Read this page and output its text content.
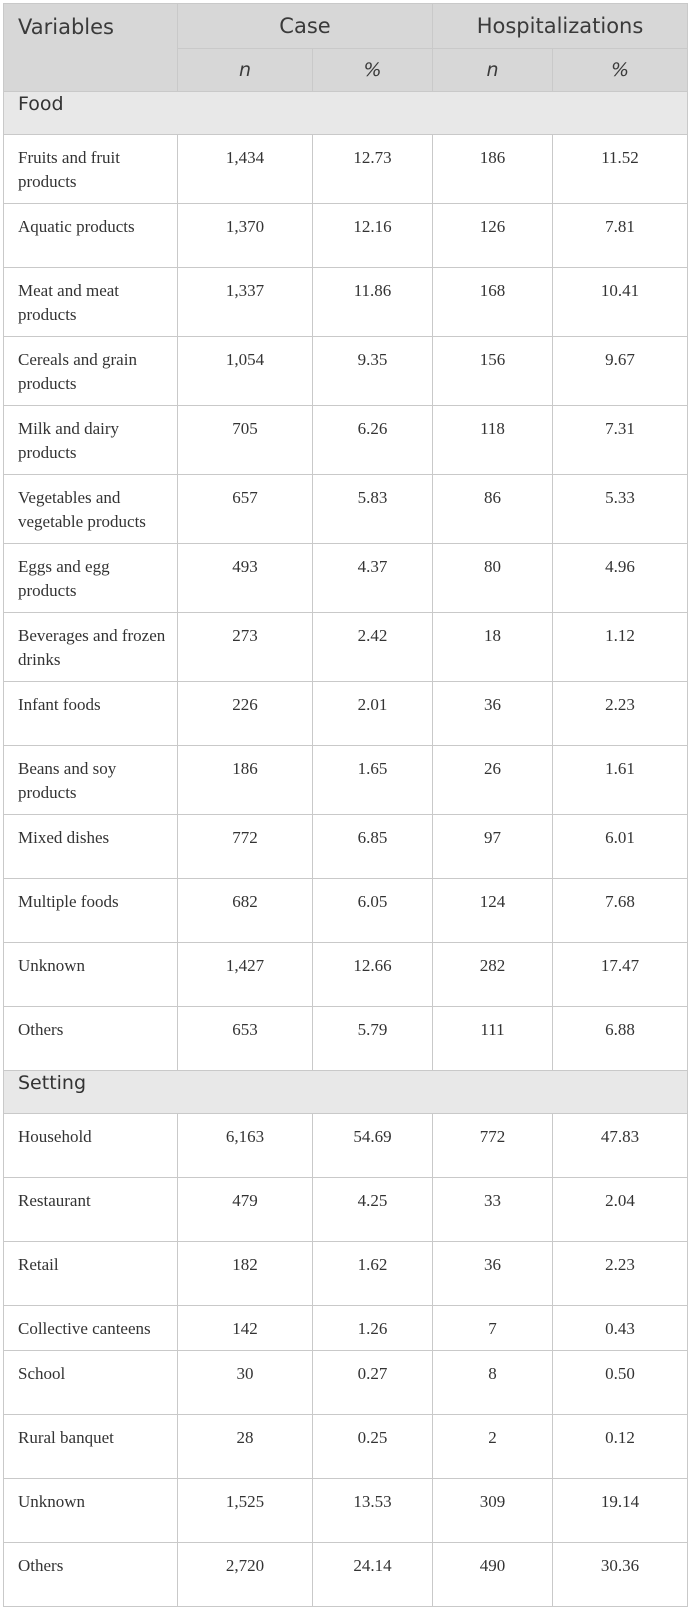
Variables	Case		Hospitalizations	
	n	%	n	%
Food				
Fruits and fruit products	1,434	12.73	186	11.52
Aquatic products	1,370	12.16	126	7.81
Meat and meat products	1,337	11.86	168	10.41
Cereals and grain products	1,054	9.35	156	9.67
Milk and dairy products	705	6.26	118	7.31
Vegetables and vegetable products	657	5.83	86	5.33
Eggs and egg products	493	4.37	80	4.96
Beverages and frozen drinks	273	2.42	18	1.12
Infant foods	226	2.01	36	2.23
Beans and soy products	186	1.65	26	1.61
Mixed dishes	772	6.85	97	6.01
Multiple foods	682	6.05	124	7.68
Unknown	1,427	12.66	282	17.47
Others	653	5.79	111	6.88
Setting				
Household	6,163	54.69	772	47.83
Restaurant	479	4.25	33	2.04
Retail	182	1.62	36	2.23
Collective canteens	142	1.26	7	0.43
School	30	0.27	8	0.50
Rural banquet	28	0.25	2	0.12
Unknown	1,525	13.53	309	19.14
Others	2,720	24.14	490	30.36
